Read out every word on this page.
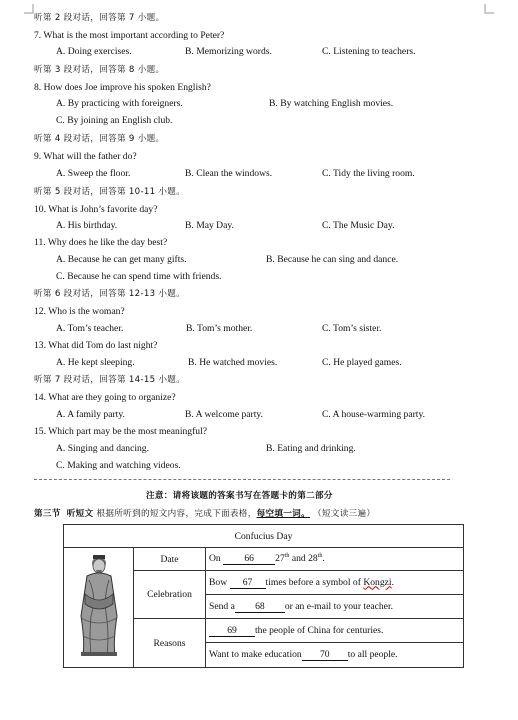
听第 2 段对话，回答第 7 小题。
7. What is the most important according to Peter?
A. Doing exercises.	B. Memorizing words.	C. Listening to teachers.
听第 3 段对话，回答第 8 小题。
8. How does Joe improve his spoken English?
A. By practicing with foreigners.	B. By watching English movies.
C. By joining an English club.
听第 4 段对话，回答第 9 小题。
9. What will the father do?
A. Sweep the floor.	B. Clean the windows.	C. Tidy the living room.
听第 5 段对话，回答第 10-11 小题。
10. What is John’s favorite day?
A. His birthday.	B. May Day.	C. The Music Day.
11. Why does he like the day best?
A. Because he can get many gifts.	B. Because he can sing and dance.
C. Because he can spend time with friends.
听第 6 段对话，回答第 12-13 小题。
12. Who is the woman?
A. Tom’s teacher.	B. Tom’s mother.	C. Tom’s sister.
13. What did Tom do last night?
A. He kept sleeping.	B. He watched movies.	C. He played games.
听第 7 段对话，回答第 14-15 小题。
14. What are they going to organize?
A. A family party.	B. A welcome party.	C. A house-warming party.
15. Which part may be the most meaningful?
A. Singing and dancing.	B. Eating and drinking.
C. Making and watching videos.
注意：请将该题的答案书写在答题卡的第二部分
第三节 听短文 根据所听到的短文内容，完成下面表格，每空填一词。 （短文读三遍）
Confucius Day		
	Date	On 66 27th and 28th.
	Celebration	Bow 67 times before a symbol of Kongzi.
		Send a 68 or an e-mail to your teacher.
	Reasons	69 the people of China for centuries.
		Want to make education 70 to all people.
